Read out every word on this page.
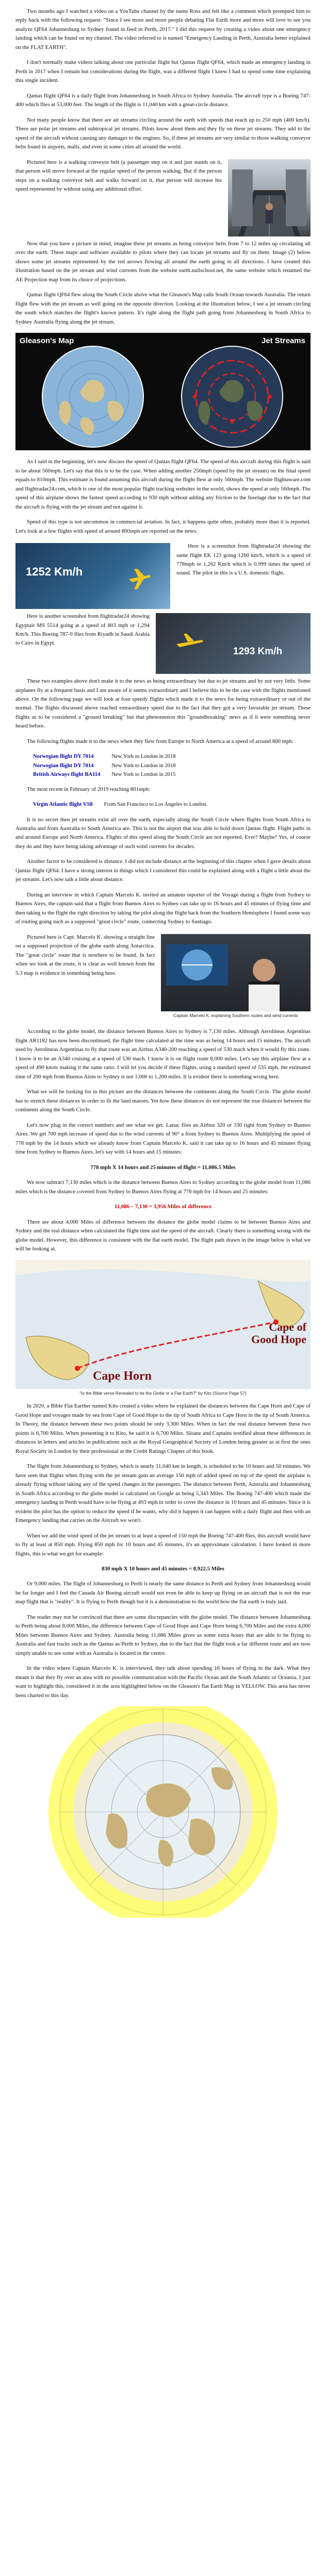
Two months ago I watched a video on a YouTube channel by the name Ross and felt like a comment which prompted him to reply back with the following request: "Since I see more and more people debating Flat Earth more and more will love to see you analyze QF64 Johannesburg to Sydney found in feed in Perth, 2017." I did this request by creating a video about one emergency landing which can be found on my channel. The video referred to is named "Emergency Landing in Perth, Australia better explained on the FLAT EARTH".

I don't normally make videos talking about one particular flight but Qantas flight QF64, which made an emergency landing in Perth in 2017 when I remain but considerations during the flight, was a different flight I knew I had to spend some time explaining this single incident.

Qantas flight QF64 is a daily flight from Johannesburg in South Africa to Sydney Australia. The aircraft type is a Boeing 747-400 which flies at 53,000 feet. The length of the flight is 11,040 km with a great-circle distance.

Not many people know that there are air streams circling around the earth with speeds that reach up to 250 mph (400 km/h). There are polar jet streams and subtropical jet streams. Pilots know about them and they fly on these jet streams. They add to the speed of the aircraft without causing any damages to the engines. So, if these jet streams are very similar to those walking conveyor belts found in airports, malls, and even in some cities all around the world.

Pictured here is a walking conveyor belt (a passenger step on it and just stands on it, that person will move forward at the regular speed of the person walking. But if the person steps on a walking conveyor belt and walks forward on it, that person will increase his speed represented by without using any additional effort.

Now that you have a picture in mind, imagine these jet streams as being conveyor belts from 7 to 12 miles up circulating all over the earth. These maps and software available to pilots where they can locate jet streams and fly on them. Image (2) below shows some jet streams represented by the red arrows flowing all around the earth going in all directions. I have created this illustration based on the jet stream and wind currents from the website earth.nullschool.net, the same website which renamed the AE Projection map from its choice of projections.

Qantas flight QF64 flew along the South Circle above what the Gleason's Map calls South Ocean towards Australia. The return flight flew with the jet stream as well going on the opposite direction. Looking at the illustration below, I see a jet stream circling the south which matches the flight's known pattern. It's right along the flight path going from Johannesburg in South Africa to Sydney Australia flying along the jet stream.

Gleason's Map	Jet Streams

As I said in the beginning, let's now discuss the speed of Qantas flight QF64. The speed of this aircraft during this flight is said to be about 560mph. Let's say that this is to be the case. When adding another 250mph (speed by the jet stream) on the final speed equals to 810mph. This estimate is found assuming this aircraft during the flight flew at only 560mph. The website flightaware.com and flightradar24.com, which is one of the most popular flight tracking websites in the world, shows the speed at only 560mph. The speed of this airplane shows the fastest speed according to 930 mph without adding any friction to the fuselage due to the fact that the aircraft is flying with the jet stream and not against it.

Speed of this type is not uncommon in commercial aviation. In fact, it happens quite often, probably more than it is reported. Let's look at a few flights with speed of around 800mph are reported on the news.

1252 Km/h

Here is a screenshot from flightradar24 showing the same flight EK 123 going 1260 km/h, which is a speed of 778mph or 1,262 Km/h which is 0.999 times the speed of sound. The pilot in this is a U.S. domestic flight.

1293 Km/h

Here is another screenshot from flightradar24 showing Egyptair MS 5514 going at a speed of 803 mph or 1,294 Km/h. This Boeing 787-9 flies from Riyadh in Saudi Arabia to Cairo in Egypt.

These two examples above don't make it to the news as being extraordinary but due to jet streams and by not very little. Some airplanes fly at a frequent basis and I am aware of it seems extraordinary and I believe this to be the case with the flights mentioned above. On the following page we will look at four speedy flights which made it to the news for being extraordinary or out of the normal. The flights discussed above reached extraordinary speed due to the fact that they got a very favorable jet stream. These flights as to be considered a "ground breaking" but that phenomenon this "groundbreaking" news as if it were something never heard before.

The following flights made it to the news when they flew from Europe to North America at a speed of around 800 mph:

Norwegian flight DY 7014	New York to London in 2018
Norwegian flight DY 7014	New York to London in 2018
British Airways flight BA114	New York to London in 2015

The most recent in February of 2019 reaching 801mph:

Virgin Atlantic flight VS8	From San Francisco to Los Angeles to London.

It is no secret then jet streams exist all over the earth, especially along the South Circle where flights from South Africa to Australia and from Australia to South America are. This is not the airport that was able to hold down Qantas flight. Flight paths in and around Europe and North America. Flights of this speed along the South Circle are not reported. Ever? Maybe? Yes, of course they do and they have being taking advantage of such wind currents for decades.

Another factor to be considered is distance. I did not include distance at the beginning of this chapter when I gave details about Qantas flight QF64. I have a strong interest in things which I considered this could be explained along with a flight a little about the jet streams. Let's now talk a little about distance.

During an interview in which Captain Marcelo K. invited an amateur reporter of the Voyage during a flight from Sydney to Buenos Aires, the captain said that a flight from Buenos Aires to Sydney can take up to 16 hours and 45 minutes of flying time and then taking to the flight the right direction by taking the pilot along the flight back from the Southern Hemisphere I found some way of routing going such as a supposed "great circle" route, connecting Sydney to Santiago.

Captain Marcelo K. explaining Southern routes and wind currents

Pictured here is Capt. Marcelo K. showing a straight line on a supposed projection of the globe earth along Antarctica. The "great circle" route that is nowhere to be found. In fact when we look at the route, it is clear as well known from the 5.3 map is evidence in something being here.

According to the globe model, the distance between Buenos Aires to Sydney is 7,130 miles. Although Aerolineas Argentinas flight AR1182 has now been discontinued, the flight time calculated at the time was as being 14 hours and 15 minutes. The aircraft used by Aerolineas Argentinas to fly that route was an Airbus A340-200 reaching a speed of 530 mach when it would fly this route. I know it to be an A340 cruising at a speed of 530 mach. I know it is on flight route 8,000 miles. Let's say this airplane flew at a speed of 490 knots making it the same ratio. I will let you decide if these flights, using a standard speed of 535 mph, the estimated time of 200 mph from Buenos Aires to Sydney is not 1,000 to 1,200 miles. It is evident there is something wrong here.

What we will be looking for in this picture are the distances between the continents along the South Circle. The globe model has to stretch these distances in order to fit the land masses. Yet how these distances do not represent the true distances between the continents along the South Circle.

Let's now plug in the correct numbers and see what we get. Lanac flies an Airbus 320 or 330 right from Sydney to Buenos Aires. We get 700 mph increase of speed due to the wind currents of 90° a from Sydney to Buenos Aires. Multiplying the speed of 778 mph by the 14 hours which we already know from Captain Marcelo K. said it can take up to 16 hours and 45 minutes flying time from Sydney to Buenos Aires, let's say with 14 hours and 15 minutes:

778 mph X 14 hours and 25 minutes of flight = 11,086.5 Miles

We now subtract 7,130 miles which is the distance between Buenos Aires to Sydney according to the globe model from 11,086 miles which is the distance covered from Sydney to Buenos Aires flying at 778 mph for 14 hours and 25 minutes:

11,086 – 7,130 = 3,956 Miles of difference

There are about 4,000 Miles of difference between the distance the globe model claims to be between Buenos Aires and Sydney and the real distance when calculated the flight time and the speed of the aircraft. Clearly there is something wrong with the globe model. However, this difference is consistent with the flat earth model. The flight path drawn in the image below is what we will be looking at.

Cape of Good Hope
Cape Horn
"Is the Bible verse Revealed to be the Globe or a Flat Earth?" by Kito (Source Page 57)

In 2020, a Bible Flat Earther named Kito created a video where he explained the distances between the Cape Horn and Cape of Good Hope and voyages made by sea from Cape of Good Hope to the tip of South Africa to Cape Horn in the tip of South America. In Theory, the distance between these two points should be only 3,300 Miles. When in fact the real distance between these two points is 6,700 Miles. When presenting it to Kito, he said it is 6,700 Miles. Sloane and Captains testified about these differences in distances in letters and articles in publications such as the Royal Geographical Society of London being greater as at first the ones Royal Society in London by their professional at the Credit Ratings Chapter of this book.

The flight from Johannesburg to Sydney, which is nearly 11,040 km in length, is scheduled to be 10 hours and 50 minutes. We have seen that flights when flying with the jet stream gain an average 150 mph of added speed on top of the speed the airplane is already flying without taking any of the speed changes in the passengers. The distance between Perth, Australia and Johannesburg in South Africa according to the globe model is calculated on Google as being 5,343 Miles. The Boeing 747-400 which made the emergency landing in Perth would have to be flying at 493 mph in order to cover the distance in 10 hours and 45 minutes. Since it is evident the pilot has the option to reduce the speed if he wants, why did it happen it can happen with a daily flight and then with an Emergency landing that carries on the Aircraft we won't.

When we add the wind speed of the jet stream to at least a speed of 150 mph the Boeing 747-400 flies, this aircraft would have to fly at least at 850 mph. Flying 850 mph for 10 hours and 45 minutes, it's an approximate calculation. I have looked in more flights, this is what we get for example:

830 mph X 10 hours and 45 minutes = 8,922.5 Miles

Or 9,000 miles. The flight of Johannesburg to Perth is nearly the same distance to Perth and Sydney from Johannesburg would be far longer and I feel the Canada Air Boeing aircraft would not even be able to keep up flying on an aircraft that is not the true map flight that is "reality". It is flying to Perth though but it is a demonstration to the world how the flat earth is truly laid.

The reader may not be convinced that there are some discrepancies with the globe model. The distance between Johannesburg to Perth being about 8,000 Miles, the difference between Cape of Good Hope and Cape Horn being 6,700 Miles and the extra 4,000 Miles between Buenos Aires and Sydney. Australia being 11,086 Miles gives us some extra hours that are able to be flying to Australia and fast tracks such as the Qantas as Perth to Sydney, due to the fact that the flight took a far different route and are now simply unable to see some with as Australia is located in the centre.

In the video where Captain Marcelo K. is interviewed, they talk about spending 16 hours of flying in the dark. What they meant is that they fly over an area with no possible communication with the Pacific Ocean and the South Atlantic or Oceania. I just want to highlight this, considered it in the area highlighted below on the Gleason's flat Earth Map in YELLOW. This area has never been charted to this day.
